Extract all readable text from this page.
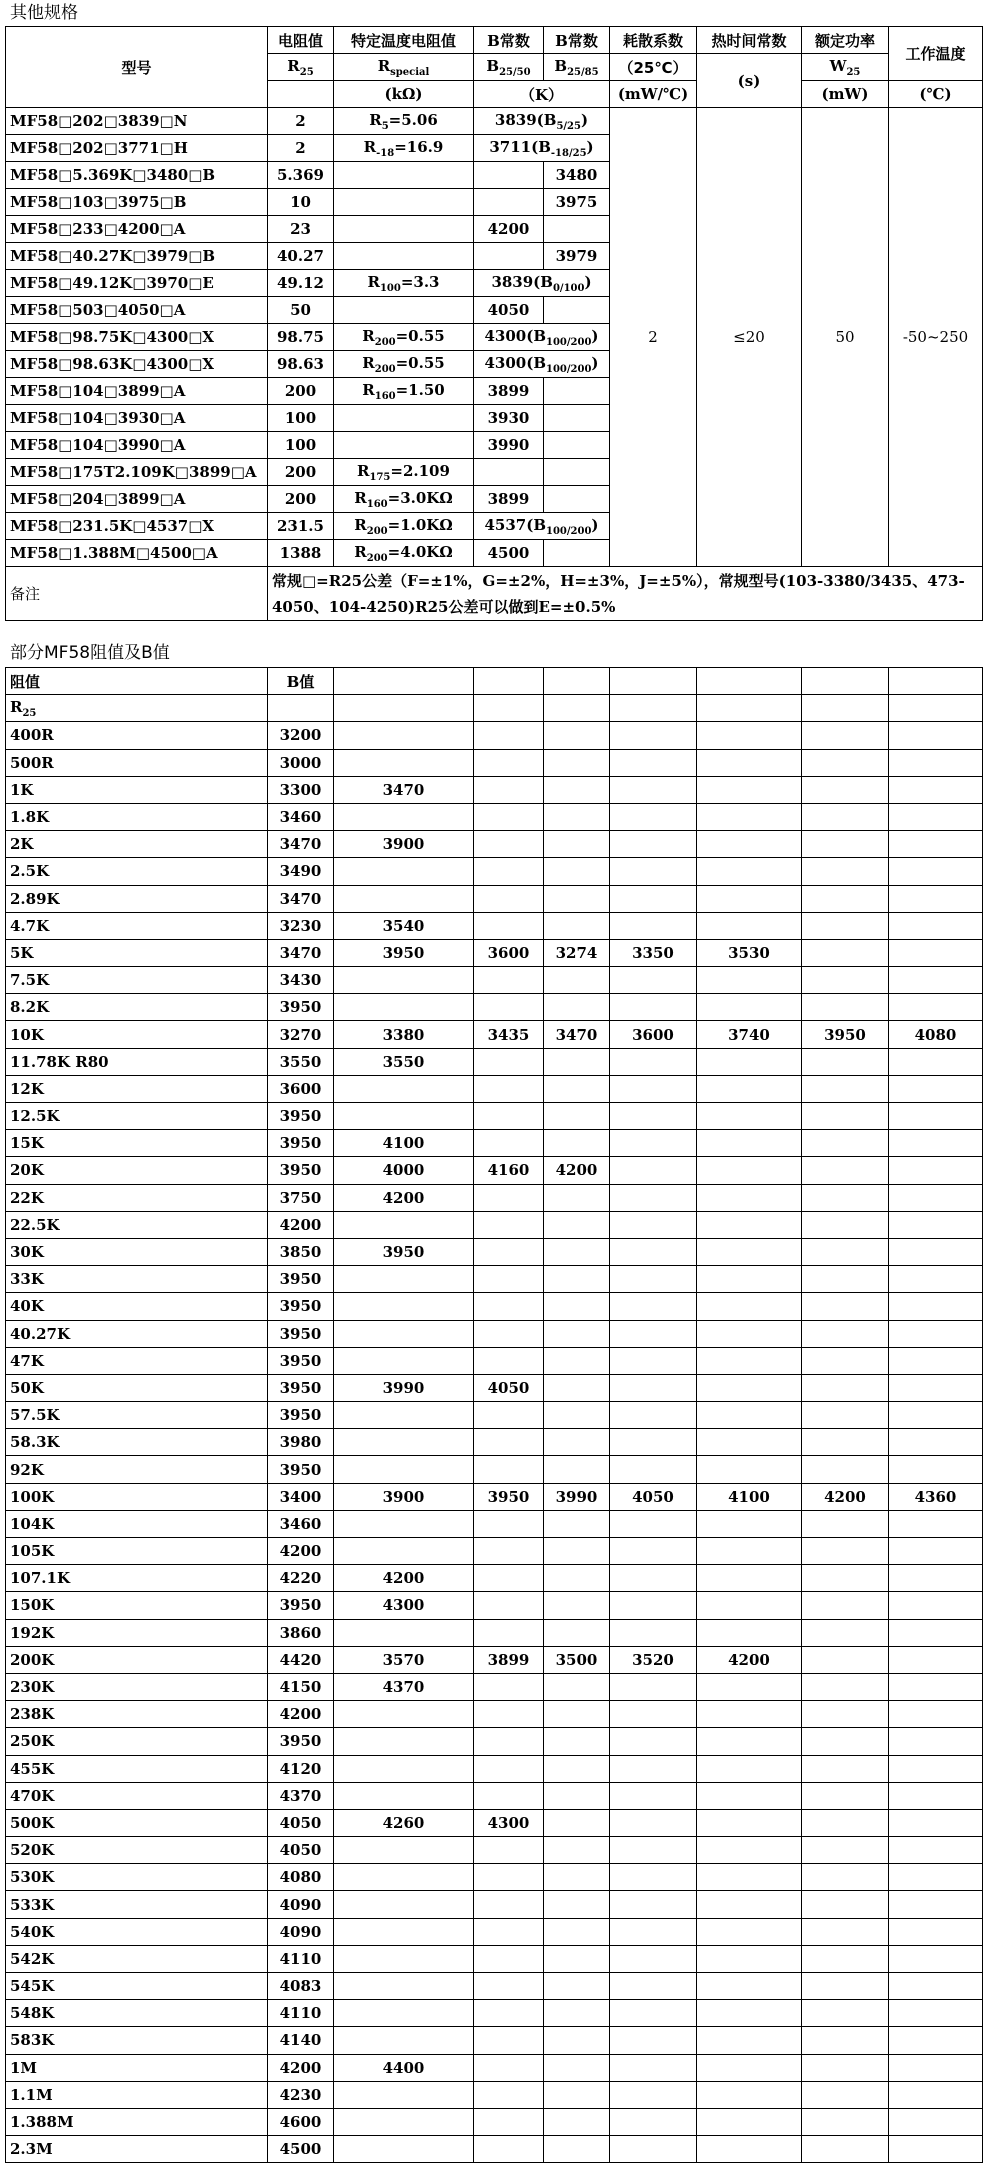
其他规格
型号	电阻值	特定温度电阻值	B常数	B常数	耗散系数	热时间常数	额定功率	工作温度
	$R_{25}$	$R_{special}$	$B_{25/50}$	$B_{25/85}$	（25℃）	(s)	$W_{25}$
		(kΩ)	（K）		(mW/℃)		(mW)	(℃)
MF58□202□3839□N	2	$R_5=5.06$	$3839(B_{5/25})$		2	≤20	50	-50~250
MF58□202□3771□H	2	$R_{-18}=16.9$	$3711(B_{-18/25})$					
MF58□5.369K□3480□B	5.369			3480				
MF58□103□3975□B	10			3975				
MF58□233□4200□A	23		4200					
MF58□40.27K□3979□B	40.27			3979				
MF58□49.12K□3970□E	49.12	$R_{100}=3.3$	$3839(B_{0/100})$					
MF58□503□4050□A	50		4050					
MF58□98.75K□4300□X	98.75	$R_{200}=0.55$	$4300(B_{100/200})$					
MF58□98.63K□4300□X	98.63	$R_{200}=0.55$	$4300(B_{100/200})$					
MF58□104□3899□A	200	$R_{160}=1.50$	3899					
MF58□104□3930□A	100		3930					
MF58□104□3990□A	100		3990					
MF58□175T2.109K□3899□A	200	$R_{175}=2.109$						
MF58□204□3899□A	200	$R_{160}=3.0K\Omega$	3899					
MF58□231.5K□4537□X	231.5	$R_{200}=1.0K\Omega$	$4537(B_{100/200})$					
MF58□1.388M□4500□A	1388	$R_{200}=4.0K\Omega$	4500					
备注	常规□=R25公差（F=±1%，G=±2%，H=±3%，J=±5%），常规型号(103-3380/3435、473-4050、104-4250)R25公差可以做到E=±0.5%							
部分MF58阻值及B值
阻值	B值							
$R_{25}$								
400R	3200							
500R	3000							
1K	3300	3470						
1.8K	3460							
2K	3470	3900						
2.5K	3490							
2.89K	3470							
4.7K	3230	3540						
5K	3470	3950	3600	3274	3350	3530		
7.5K	3430							
8.2K	3950							
10K	3270	3380	3435	3470	3600	3740	3950	4080
11.78K R80	3550	3550						
12K	3600							
12.5K	3950							
15K	3950	4100						
20K	3950	4000	4160	4200				
22K	3750	4200						
22.5K	4200							
30K	3850	3950						
33K	3950							
40K	3950							
40.27K	3950							
47K	3950							
50K	3950	3990	4050					
57.5K	3950							
58.3K	3980							
92K	3950							
100K	3400	3900	3950	3990	4050	4100	4200	4360
104K	3460							
105K	4200							
107.1K	4220	4200						
150K	3950	4300						
192K	3860							
200K	4420	3570	3899	3500	3520	4200		
230K	4150	4370						
238K	4200							
250K	3950							
455K	4120							
470K	4370							
500K	4050	4260	4300					
520K	4050							
530K	4080							
533K	4090							
540K	4090							
542K	4110							
545K	4083							
548K	4110							
583K	4140							
1M	4200	4400						
1.1M	4230							
1.388M	4600							
2.3M	4500							
